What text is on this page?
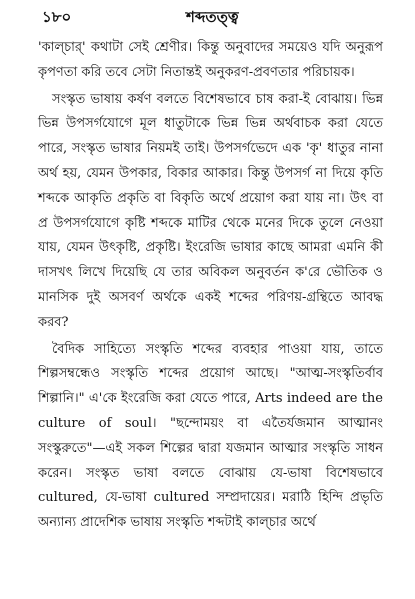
১৮০	শব্দতত্ত্ব

'কাল্চার্' কথাটা সেই শ্রেণীর। কিন্তু অনুবাদের সময়েও যদি অনুরূপ কৃপণতা করি তবে সেটা নিতান্তই অনুকরণ-প্রবণতার পরিচায়ক।

সংস্কৃত ভাষায় কর্ষণ বলতে বিশেষভাবে চাষ করা-ই বোঝায়। ভিন্ন ভিন্ন উপসর্গযোগে মূল ধাতুটাকে ভিন্ন ভিন্ন অর্থবাচক করা যেতে পারে, সংস্কৃত ভাষার নিয়মই তাই। উপসর্গভেদে এক 'কৃ' ধাতুর নানা অর্থ হয়, যেমন উপকার, বিকার আকার। কিন্তু উপসর্গ না দিয়ে কৃতি শব্দকে আকৃতি প্রকৃতি বা বিকৃতি অর্থে প্রয়োগ করা যায় না। উৎ বা প্র উপসর্গযোগে কৃষ্টি শব্দকে মাটির থেকে মনের দিকে তুলে নেওয়া যায়, যেমন উৎকৃষ্টি, প্রকৃষ্টি। ইংরেজি ভাষার কাছে আমরা এমনি কী দাসখৎ লিখে দিয়েছি যে তার অবিকল অনুবর্তন ক'রে ভৌতিক ও মানসিক দুই অসবর্ণ অর্থকে একই শব্দের পরিণয়-গ্রন্থিতে আবদ্ধ করব?

বৈদিক সাহিত্যে সংস্কৃতি শব্দের ব্যবহার পাওয়া যায়, তাতে শিল্পসম্বন্ধেও সংস্কৃতি শব্দের প্রয়োগ আছে। "আত্ম-সংস্কৃতির্বাব শিল্পানি।" এ'কে ইংরেজি করা যেতে পারে, Arts indeed are the culture of soul। "ছন্দোময়ং বা এতৈর্যজমান আত্মানং সংস্কুরুতে"—এই সকল শিল্পের দ্বারা যজমান আত্মার সংস্কৃতি সাধন করেন। সংস্কৃত ভাষা বলতে বোঝায় যে-ভাষা বিশেষভাবে cultured, যে-ভাষা cultured সম্প্রদায়ের। মরাঠি হিন্দি প্রভৃতি অন্যান্য প্রাদেশিক ভাষায় সংস্কৃতি শব্দটাই কাল্চার অর্থে
